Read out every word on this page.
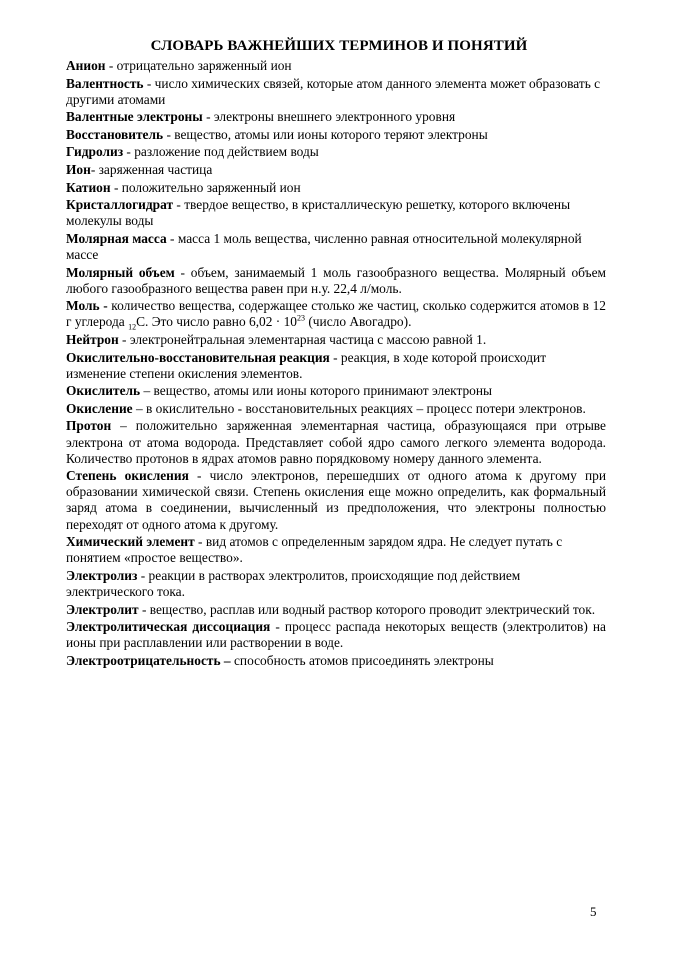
СЛОВАРЬ ВАЖНЕЙШИХ ТЕРМИНОВ И ПОНЯТИЙ

Анион - отрицательно заряженный ион

Валентность - число химических связей, которые атом данного элемента может образовать с другими атомами

Валентные электроны - электроны внешнего электронного уровня

Восстановитель - вещество, атомы или ионы которого теряют электроны

Гидролиз - разложение под действием воды

Ион- заряженная частица

Катион - положительно заряженный ион

Кристаллогидрат - твердое вещество, в кристаллическую решетку, которого включены молекулы воды

Молярная масса - масса 1 моль вещества, численно равная относительной молекулярной массе

Молярный объем - объем, занимаемый 1 моль газообразного вещества. Молярный объем любого газообразного вещества равен при н.у. 22,4 л/моль.

Моль - количество вещества, содержащее столько же частиц, сколько содержится атомов в 12 г углерода $_{12}$C. Это число равно $6,02 \cdot 10^{23}$ (число Авогадро).

Нейтрон - электронейтральная элементарная частица с массою равной 1.

Окислительно-восстановительная реакция - реакция, в ходе которой происходит изменение степени окисления элементов.

Окислитель – вещество, атомы или ионы которого принимают электроны

Окисление – в окислительно - восстановительных реакциях – процесс потери электронов.

Протон – положительно заряженная элементарная частица, образующаяся при отрыве электрона от атома водорода. Представляет собой ядро самого легкого элемента водорода. Количество протонов в ядрах атомов равно порядковому номеру данного элемента.

Степень окисления - число электронов, перешедших от одного атома к другому при образовании химической связи. Степень окисления еще можно определить, как формальный заряд атома в соединении, вычисленный из предположения, что электроны полностью переходят от одного атома к другому.

Химический элемент - вид атомов с определенным зарядом ядра. Не следует путать с понятием «простое вещество».

Электролиз - реакции в растворах электролитов, происходящие под действием электрического тока.

Электролит - вещество, расплав или водный раствор которого проводит электрический ток.

Электролитическая диссоциация - процесс распада некоторых веществ (электролитов) на ионы при расплавлении или растворении в воде.

Электроотрицательность – способность атомов присоединять электроны

5
